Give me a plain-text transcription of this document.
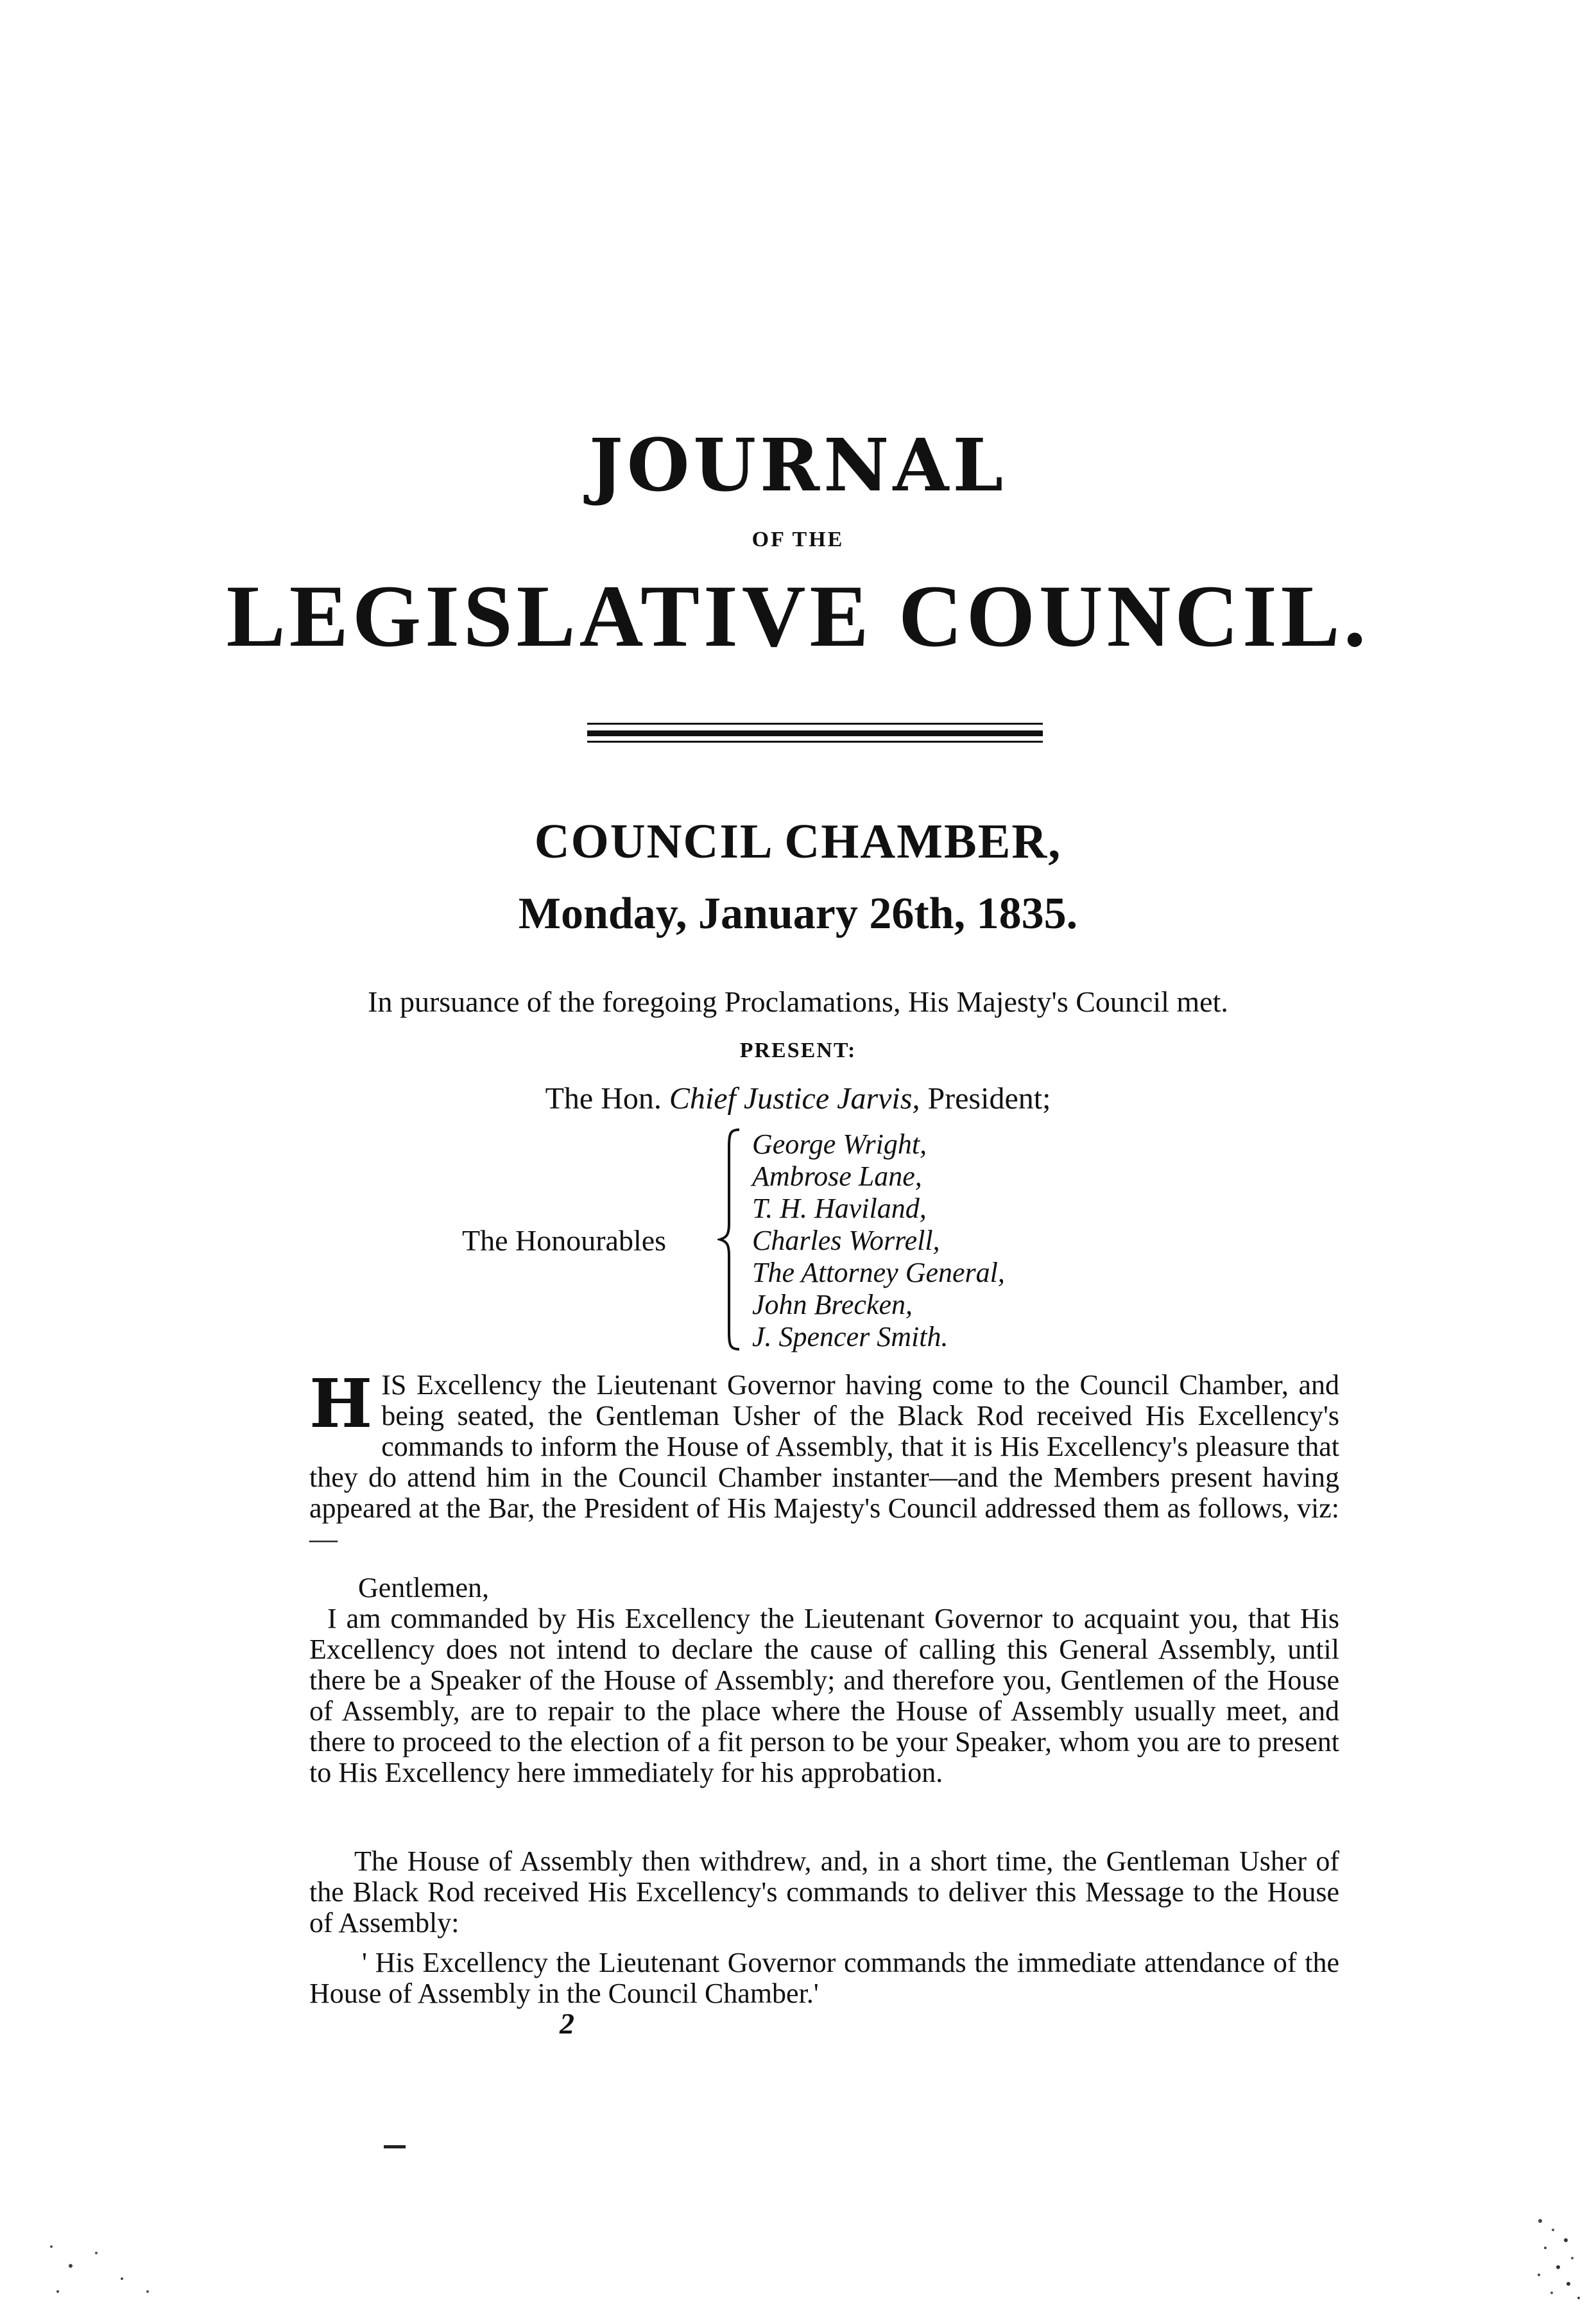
JOURNAL
OF THE
LEGISLATIVE COUNCIL.
COUNCIL CHAMBER,
Monday, January 26th, 1835.
In pursuance of the foregoing Proclamations, His Majesty's Council met.
PRESENT:
The Hon. Chief Justice Jarvis, President;
The Honourables
George Wright,
Ambrose Lane,
T. H. Haviland,
Charles Worrell,
The Attorney General,
John Brecken,
J. Spencer Smith.
HIS Excellency the Lieutenant Governor having come to the Council Chamber, and being seated, the Gentleman Usher of the Black Rod received His Excellency's commands to inform the House of Assembly, that it is His Excellency's pleasure that they do attend him in the Council Chamber instanter—and the Members present having appeared at the Bar, the President of His Majesty's Council addressed them as follows, viz:—
Gentlemen,
I am commanded by His Excellency the Lieutenant Governor to acquaint you, that His Excellency does not intend to declare the cause of calling this General Assembly, until there be a Speaker of the House of Assembly; and therefore you, Gentlemen of the House of Assembly, are to repair to the place where the House of Assembly usually meet, and there to proceed to the election of a fit person to be your Speaker, whom you are to present to His Excellency here immediately for his approbation.
The House of Assembly then withdrew, and, in a short time, the Gentleman Usher of the Black Rod received His Excellency's commands to deliver this Message to the House of Assembly:
' His Excellency the Lieutenant Governor commands the immediate attendance of the House of Assembly in the Council Chamber.'
2
